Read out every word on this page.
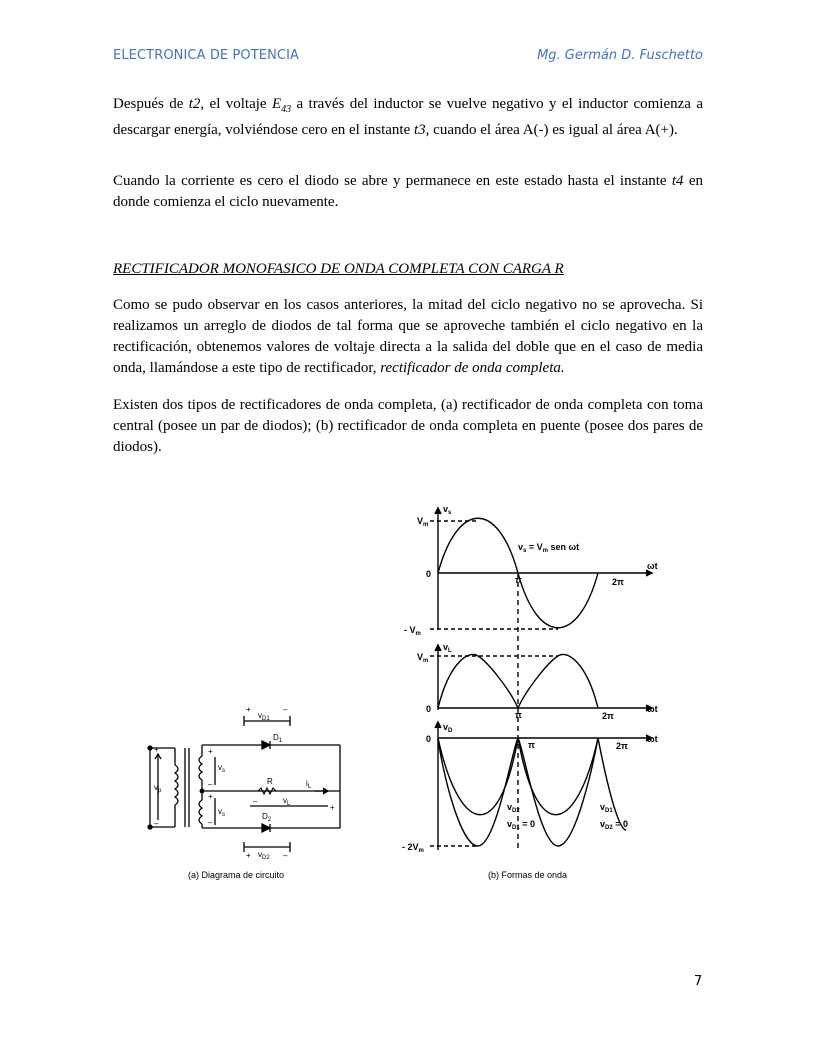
ELECTRONICA DE POTENCIA	Mg. Germán D. Fuschetto
Después de t2, el voltaje $E_{43}$ a través del inductor se vuelve negativo y el inductor comienza a descargar energía, volviéndose cero en el instante t3, cuando el área A(-) es igual al área A(+).
Cuando la corriente es cero el diodo se abre y permanece en este estado hasta el instante t4 en donde comienza el ciclo nuevamente.
RECTIFICADOR MONOFASICO DE ONDA COMPLETA CON CARGA R
Como se pudo observar en los casos anteriores, la mitad del ciclo negativo no se aprovecha. Si realizamos un arreglo de diodos de tal forma que se aproveche también el ciclo negativo en la rectificación, obtenemos valores de voltaje directa a la salida del doble que en el caso de media onda, llamándose a este tipo de rectificador, rectificador de onda completa.
Existen dos tipos de rectificadores de onda completa, (a) rectificador de onda completa con toma central (posee un par de diodos); (b) rectificador de onda completa en puente (posee dos pares de diodos).
+	–
$v_{D1}$
$D_1$
R	$i_L$
$v_L$
–
+
$D_2$
+	–
$v_{D2}$
$v_p$
$v_s$
$v_s$
+
+
–
–
+
–
(a) Diagrama de circuito
$v_s$
$V_m$
$v_s = V_m$ sen ωt
0
π	2π
ωt
- $V_m$
$v_L$
$V_m$
0
π	2π
ωt
$v_D$
0
π	2π
ωt
$v_{D2}$
$v_{D1} = 0$
$v_{D1}$
$v_{D2} = 0$
- $2V_m$
(b) Formas de onda
7
